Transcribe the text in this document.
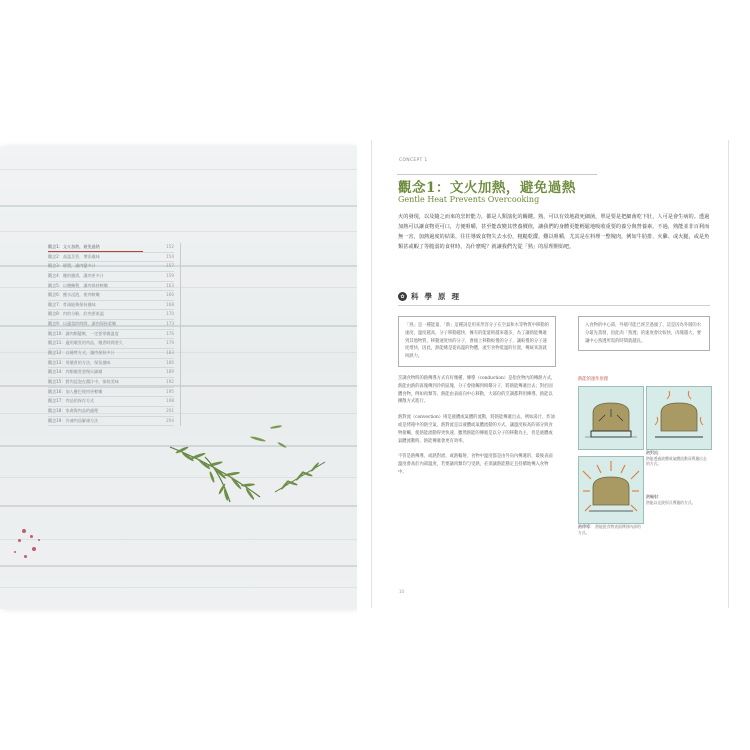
觀念1：文火加熱，避免過熱	152
觀念2：高溫烹煮，增添風味	154
觀念3：靜置，讓肉變多汁	157
觀念4：鹽的鹽漬，讓肉更多汁	159
觀念5：以鹽醃製，讓肉保持軟嫩	163
觀念6：鹽水浸泡，使肉軟嫩	166
觀念7：骨頭能夠保持風味	168
觀念8：肉的分解，絞肉要低溫	170
觀念9：以適當的時間，讓肉保持柔嫩	173
觀念10：讓肉類變軟，一定要掌握溫度	176
觀念11：適用燉煮的肉品，燉煮時間要久	179
觀念12：以燒烤方式，讓肉保持多汁	183
觀念13：用燉煮的方法，保留風味	186
觀念14：肉類燉煮要慢火細燉	189
觀念15：將肉浸泡在醬汁中，保持美味	192
觀念16：加入鹽巴使肉更軟嫩	195
觀念17：肉品的保存方式	198
觀念18：家禽與肉品的處理	201
觀念19：冷凍肉品解凍方法	204
CONCEPT 1
觀念1：文火加熱，避免過熱
Gentle Heat Prevents Overcooking
火的發現，以及隨之而來的烹飪能力，都是人類演化的關鍵。熟，可以有效地殺死細菌，單是要是把細菌吃下肚，人可是會生病的。透過加熱可以讓食物更可口，方便咀嚼，甚至能改變其營養價值，讓我們的身體更能輕鬆地吸收重要的養分與營養素。不過，熟能並非百利而無一害，加熱過度的結果，往往導致食物失去水份，粗糙乾澀，難以咀嚼，尤其是在料理一整塊肉，例如牛肋排、火雞、或火腿，或是魚類甚或蝦了等脆弱的食材時，為什麼呢？就讓我們先從「熟」的原理開始吧。
✿ 科學原理
「熟」是一種能量，「熱」這種詞是用來形容分子在空氣和水等物質中移動的速度，溫度越高，分子移動越快，擁有的能量則越來越多，為了讓熱能傳遞到其他物質，移動速度快的分子，會撞上移動較慢的分子，讓較慢的分子速度增快，因此，熱能總是從高溫的物體，流至食物低溫的位置，傳統來說就叫熱力。
烹調食物時的熱傳導方式有好幾種，傳導（conduction）是指食物內的傳熱方式，熱能由熱的區塊傳到冷的區塊，分子會接觸到相鄰分子，將熱能傳遞出去；對於固體食物，例如肉類等，熱能由表面向中心移動，大部份的烹調都利用傳導，熱能以擴散方式進行。
熱對流（convection）則是液體或氣體的流動，將熱能傳遞出去。例如湯汁、炸油或是烤箱中的熱空氣，熱對流是以液體或氣體流動的方式，讓溫度較高的部分與食物接觸，使熱能流動得更快速，雖然熱能的傳遞是以分子的移動為主，但是液體或氣體流動時，熱能傳遞會更有效率。
不管是熱傳導、或熱對流、或熱輻射，食物中溫度都是由外向內傳遞的，最後表面溫度會高於內部溫度，若要讓肉類均勻受熱，必須讓熱能穩定且持續地傳入食物中。
入食物的中心部，外層可能已經烹過頭了，這是因為外層的水分最先蒸發，因此肉「熟透」的速度會比較快，肉塊越大，要讓中心熟透所需的時間就越長。
熱能的運作原理
熱對流：
熱能透過液體或氣體流動而傳遞出去的方式。
熱輻射：
熱能以光波形式傳遞的方式。
熱傳導： 熱能從食物表面傳到內部的方式。
10
